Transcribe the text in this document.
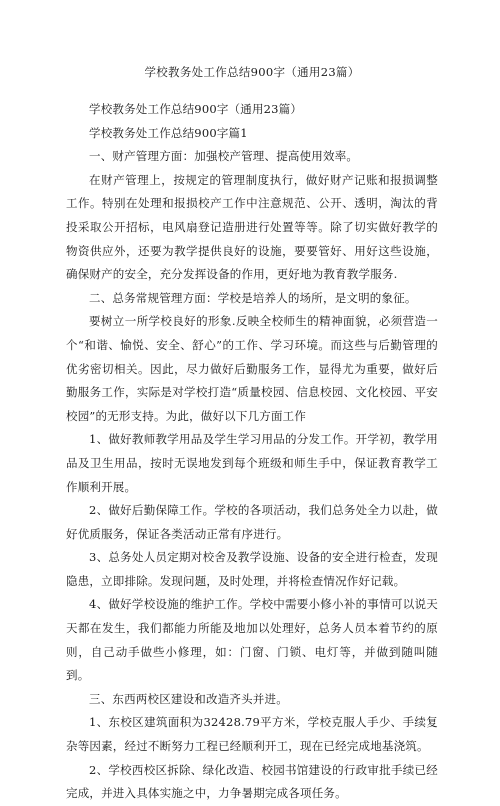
学校教务处工作总结900字（通用23篇）

学校教务处工作总结900字（通用23篇）

学校教务处工作总结900字篇1

一、财产管理方面：加强校产管理、提高使用效率。

在财产管理上，按规定的管理制度执行，做好财产记账和报损调整工作。特别在处理和报损校产工作中注意规范、公开、透明，淘汰的背投采取公开招标，电风扇登记造册进行处置等等。除了切实做好教学的物资供应外，还要为教学提供良好的设施，要要管好、用好这些设施，确保财产的安全，充分发挥设备的作用，更好地为教育教学服务.

二、总务常规管理方面：学校是培养人的场所，是文明的象征。

要树立一所学校良好的形象.反映全校师生的精神面貌，必须营造一个“和谐、愉悦、安全、舒心”的工作、学习环境。而这些与后勤管理的优劣密切相关。因此，尽力做好后勤服务工作，显得尤为重要，做好后勤服务工作，实际是对学校打造“质量校园、信息校园、文化校园、平安校园”的无形支持。为此，做好以下几方面工作

1、做好教师教学用品及学生学习用品的分发工作。开学初，教学用品及卫生用品，按时无误地发到每个班级和师生手中，保证教育教学工作顺利开展。

2、做好后勤保障工作。学校的各项活动，我们总务处全力以赴，做好优质服务，保证各类活动正常有序进行。

3、总务处人员定期对校舍及教学设施、设备的安全进行检查，发现隐患，立即排除。发现问题，及时处理，并将检查情况作好记载。

4、做好学校设施的维护工作。学校中需要小修小补的事情可以说天天都在发生，我们都能力所能及地加以处理好，总务人员本着节约的原则，自己动手做些小修理，如：门窗、门锁、电灯等，并做到随叫随到。

三、东西两校区建设和改造齐头并进。

1、东校区建筑面积为32428.79平方米，学校克服人手少、手续复杂等因素，经过不断努力工程已经顺利开工，现在已经完成地基浇筑。

2、学校西校区拆除、绿化改造、校园书馆建设的行政审批手续已经完成，并进入具体实施之中，力争暑期完成各项任务。
